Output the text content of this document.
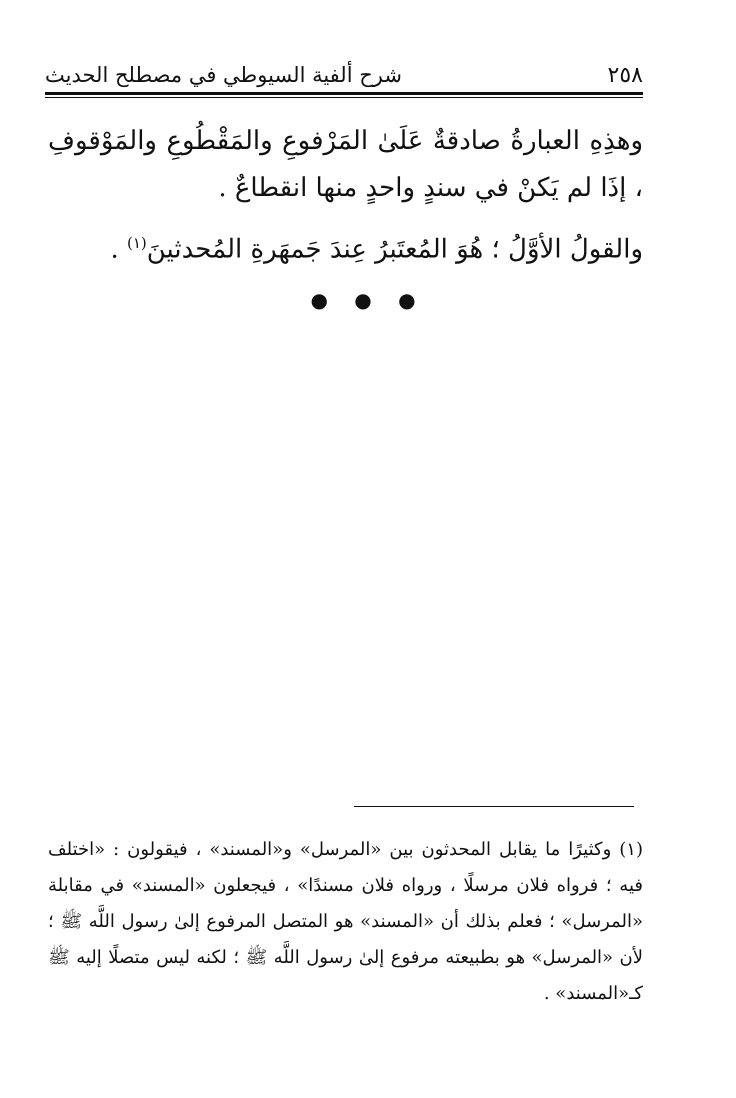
٢٥٨
شرح ألفية السيوطي في مصطلح الحديث

وهذِهِ العبارةُ صادقةٌ عَلَىٰ المَرْفوعِ والمَقْطُوعِ والمَوْقوفِ ، إذَا لم يَكنْ في سندٍ واحدٍ منها انقطاعٌ .

والقولُ الأوَّلُ ؛ هُوَ المُعتَبرُ عِندَ جَمهَرةِ المُحدثينَ$^{(١)}$ .

● ● ●

(١) وكثيرًا ما يقابل المحدثون بين «المرسل» و«المسند» ، فيقولون : «اختلف فيه ؛ فرواه فلان مرسلًا ، ورواه فلان مسندًا» ، فيجعلون «المسند» في مقابلة «المرسل» ؛ فعلم بذلك أن «المسند» هو المتصل المرفوع إلىٰ رسول اللَّه ﷺ ؛ لأن «المرسل» هو بطبيعته مرفوع إلىٰ رسول اللَّه ﷺ ؛ لكنه ليس متصلًا إليه ﷺ كـ«المسند» .
